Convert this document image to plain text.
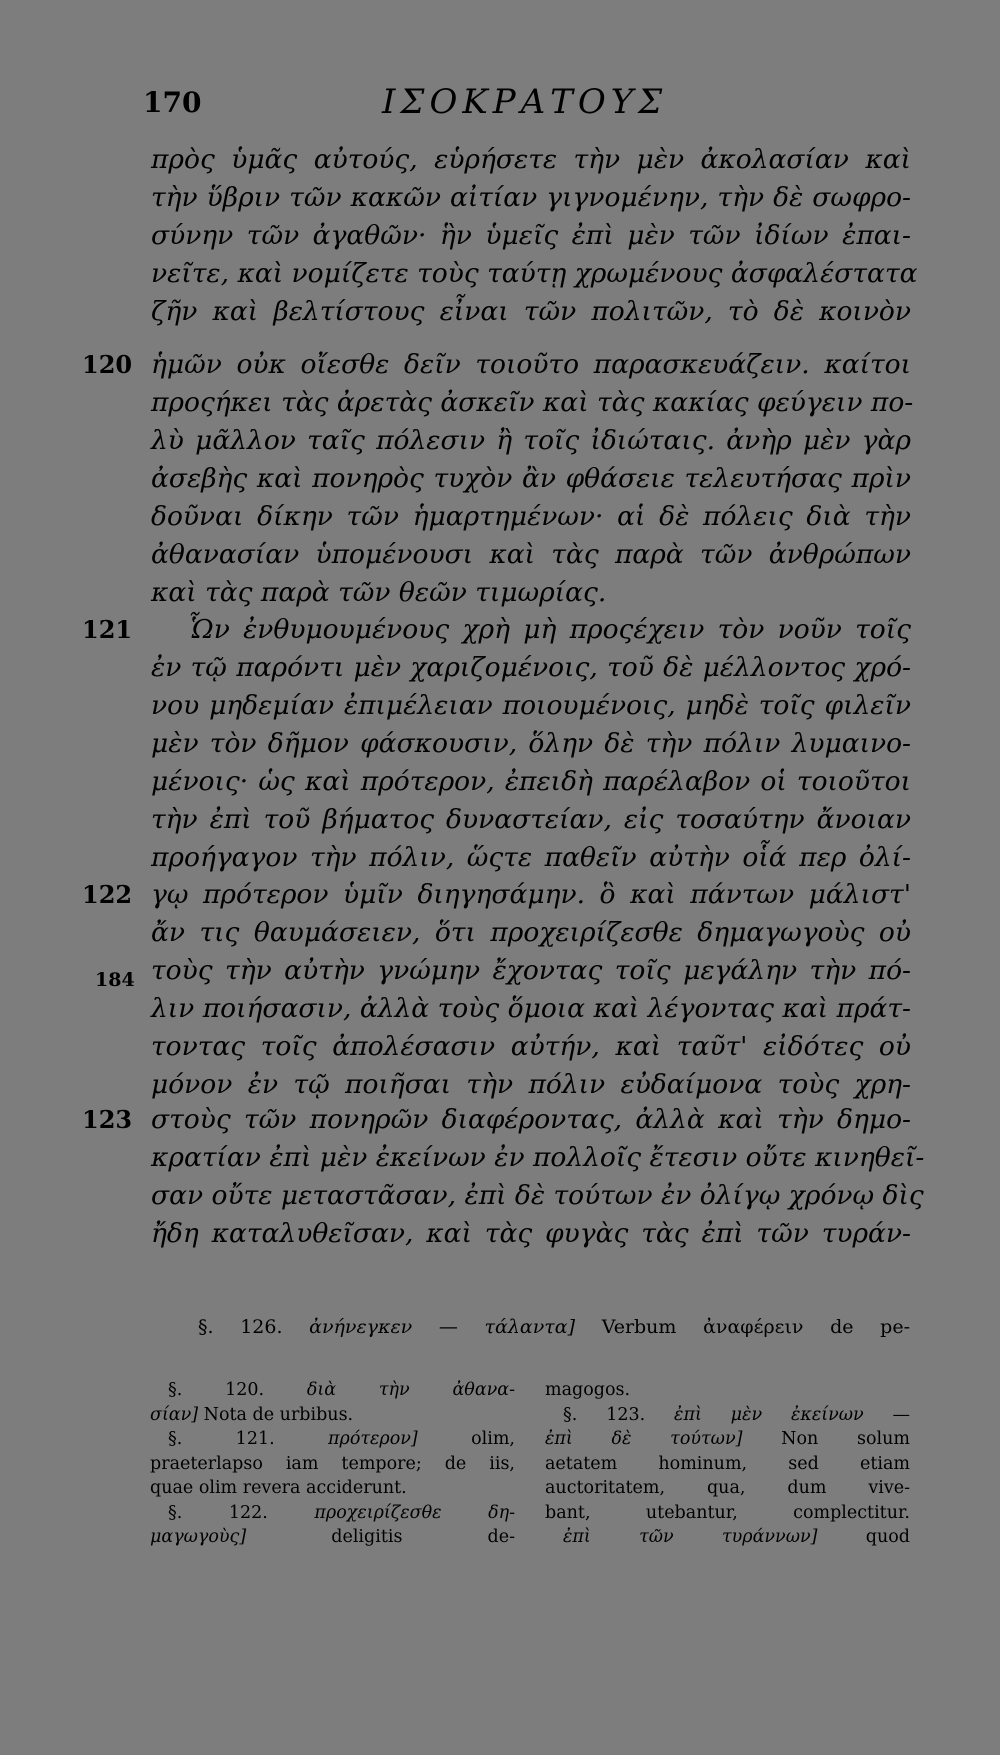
170	ΙΣΟΚΡΑΤΟΥΣ
120
121
122
184
123
πρὸς ὑμᾶς αὐτούς, εὑρήσετε τὴν μὲν ἀκολασίαν καὶ
τὴν ὕβριν τῶν κακῶν αἰτίαν γιγνομένην, τὴν δὲ σωφρο-
σύνην τῶν ἀγαθῶν· ἣν ὑμεῖς ἐπὶ μὲν τῶν ἰδίων ἐπαι-
νεῖτε, καὶ νομίζετε τοὺς ταύτῃ χρωμένους ἀσφαλέστατα
ζῆν καὶ βελτίστους εἶναι τῶν πολιτῶν, τὸ δὲ κοινὸν
ἡμῶν οὐκ οἴεσθε δεῖν τοιοῦτο παρασκευάζειν. καίτοι
προςήκει τὰς ἀρετὰς ἀσκεῖν καὶ τὰς κακίας φεύγειν πο-
λὺ μᾶλλον ταῖς πόλεσιν ἢ τοῖς ἰδιώταις. ἀνὴρ μὲν γὰρ
ἀσεβὴς καὶ πονηρὸς τυχὸν ἂν φθάσειε τελευτήσας πρὶν
δοῦναι δίκην τῶν ἡμαρτημένων· αἱ δὲ πόλεις διὰ τὴν
ἀθανασίαν ὑπομένουσι καὶ τὰς παρὰ τῶν ἀνθρώπων
καὶ τὰς παρὰ τῶν θεῶν τιμωρίας.
Ὧν ἐνθυμουμένους χρὴ μὴ προςέχειν τὸν νοῦν τοῖς
ἐν τῷ παρόντι μὲν χαριζομένοις, τοῦ δὲ μέλλοντος χρό-
νου μηδεμίαν ἐπιμέλειαν ποιουμένοις, μηδὲ τοῖς φιλεῖν
μὲν τὸν δῆμον φάσκουσιν, ὅλην δὲ τὴν πόλιν λυμαινο-
μένοις· ὡς καὶ πρότερον, ἐπειδὴ παρέλαβον οἱ τοιοῦτοι
τὴν ἐπὶ τοῦ βήματος δυναστείαν, εἰς τοσαύτην ἄνοιαν
προήγαγον τὴν πόλιν, ὥςτε παθεῖν αὐτὴν οἷά περ ὀλί-
γῳ πρότερον ὑμῖν διηγησάμην. ὃ καὶ πάντων μάλιστ'
ἄν τις θαυμάσειεν, ὅτι προχειρίζεσθε δημαγωγοὺς οὐ
τοὺς τὴν αὐτὴν γνώμην ἔχοντας τοῖς μεγάλην τὴν πό-
λιν ποιήσασιν, ἀλλὰ τοὺς ὅμοια καὶ λέγοντας καὶ πράτ-
τοντας τοῖς ἀπολέσασιν αὐτήν, καὶ ταῦτ' εἰδότες οὐ
μόνον ἐν τῷ ποιῆσαι τὴν πόλιν εὐδαίμονα τοὺς χρη-
στοὺς τῶν πονηρῶν διαφέροντας, ἀλλὰ καὶ τὴν δημο-
κρατίαν ἐπὶ μὲν ἐκείνων ἐν πολλοῖς ἔτεσιν οὔτε κινηθεῖ-
σαν οὔτε μεταστᾶσαν, ἐπὶ δὲ τούτων ἐν ὀλίγῳ χρόνῳ δὶς
ἤδη καταλυθεῖσαν, καὶ τὰς φυγὰς τὰς ἐπὶ τῶν τυράν-
§. 126. ἀνήνεγκεν — τάλαντα] Verbum ἀναφέρειν de pe-
§. 120. διὰ τὴν ἀθανα-
σίαν] Nota de urbibus.
§. 121.	πρότερον]	olim,
praeterlapso iam tempore; de iis,
quae olim revera acciderunt.
§. 122.	προχειρίζεσθε δη-
μαγωγοὺς]	deligitis de-
magogos.
§. 123. ἐπὶ μὲν ἐκείνων —
ἐπὶ δὲ τούτων] Non solum
aetatem hominum, sed etiam
auctoritatem, qua, dum vive-
bant, utebantur, complectitur.
ἐπὶ τῶν τυράννων]	quod
